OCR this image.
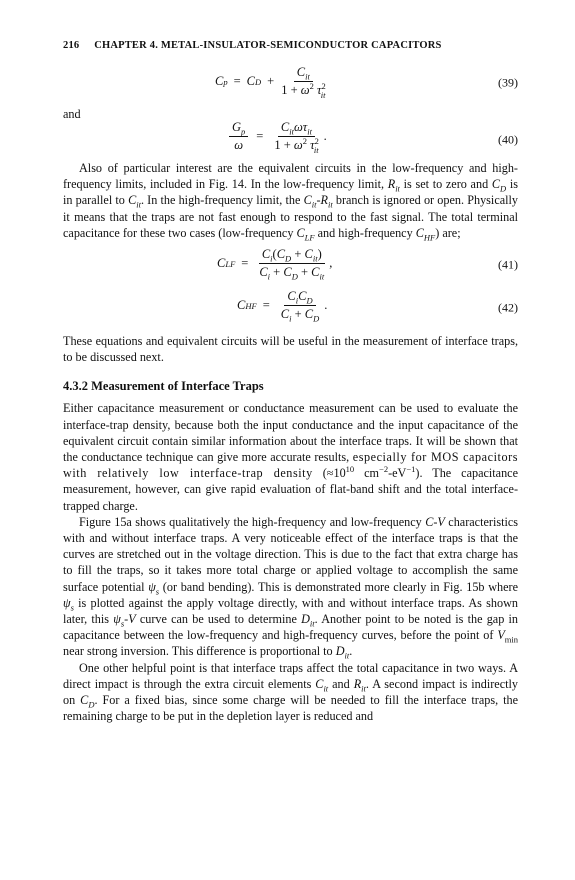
216 CHAPTER 4. METAL-INSULATOR-SEMICONDUCTOR CAPACITORS
C p = C $D + \frac{C_{it}}{1 + \omega^2 \tau^2_{it}}$	(39)
and
$\frac{G_p}{\omega} = \frac{C_{it}\omega\tau_{it}}{1 + \omega^2 \tau^2_{it}}$ .	(40)

Also of particular interest are the equivalent circuits in the low-frequency and high-frequency limits, included in Fig. 14. In the low-frequency limit, $R_{it}$ is set to zero and $C_D$ is in parallel to $C_{it}$. In the high-frequency limit, the $C_{it}-R_{it}$ branch is ignored or open. Physically it means that the traps are not fast enough to respond to the fast signal. The total terminal capacitance for these two cases (low-frequency $C_{LF}$ and high-frequency $C_{HF}$) are;

C LF = $\frac{C_i(C_D + C_{it})}{C_i + C_D + C_{it}}$ ,	(41)
C HF = $\frac{C_iC_D}{C_i + C_D}$ .	(42)

These equations and equivalent circuits will be useful in the measurement of interface traps, to be discussed next.

4.3.2 Measurement of Interface Traps

Either capacitance measurement or conductance measurement can be used to evaluate the interface-trap density, because both the input conductance and the input capacitance of the equivalent circuit contain similar information about the interface traps. It will be shown that the conductance technique can give more accurate results, especially for MOS capacitors with relatively low interface-trap density ($\approx 10^{10}$ $cm^{-2}-eV^{-1}$). The capacitance measurement, however, can give rapid evaluation of flat-band shift and the total interface-trapped charge.

Figure 15a shows qualitatively the high-frequency and low-frequency C-V characteristics with and without interface traps. A very noticeable effect of the interface traps is that the curves are stretched out in the voltage direction. This is due to the fact that extra charge has to fill the traps, so it takes more total charge or applied voltage to accomplish the same surface potential $\psi_s$ (or band bending). This is demonstrated more clearly in Fig. 15b where $\psi_s$ is plotted against the apply voltage directly, with and without interface traps. As shown later, this $\psi_s-V$ curve can be used to determine $D_{it}$. Another point to be noted is the gap in capacitance between the low-frequency and high-frequency curves, before the point of $V_{min}$ near strong inversion. This difference is proportional to $D_{it}$.

One other helpful point is that interface traps affect the total capacitance in two ways. A direct impact is through the extra circuit elements $C_{it}$ and $R_{it}$. A second impact is indirectly on $C_D$. For a fixed bias, since some charge will be needed to fill the interface traps, the remaining charge to be put in the depletion layer is reduced and
